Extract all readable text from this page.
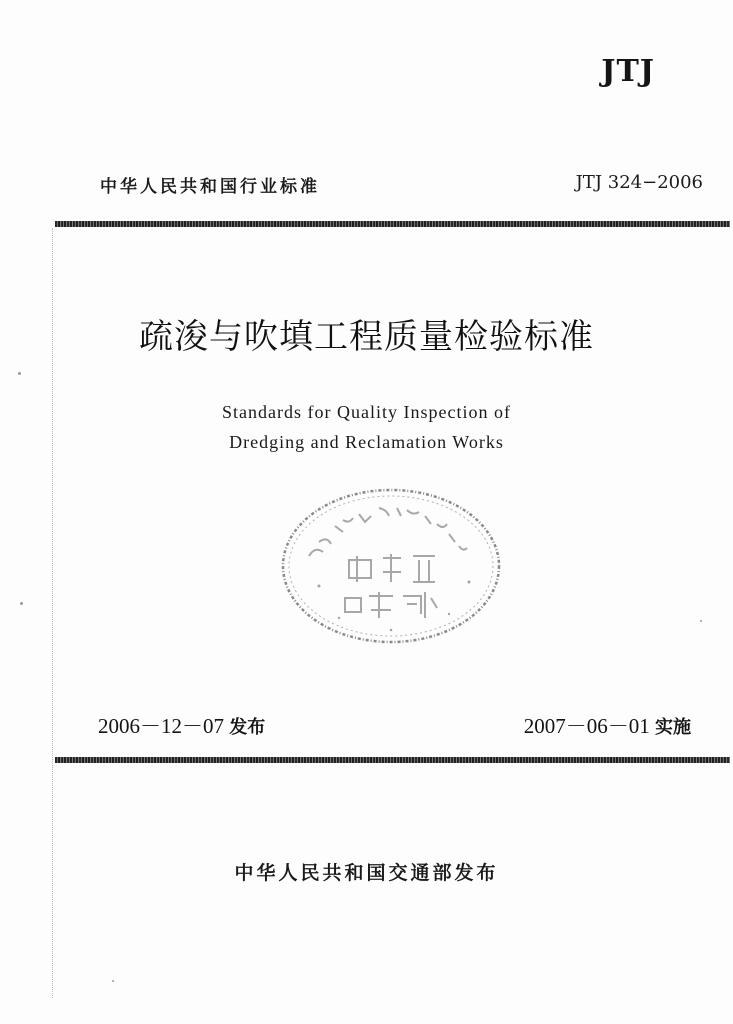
JTJ
中华人民共和国行业标准	JTJ 324−2006
疏浚与吹填工程质量检验标准
Standards for Quality Inspection of
Dredging and Reclamation Works
2006－12－07 发布	2007－06－01 实施
中华人民共和国交通部发布
